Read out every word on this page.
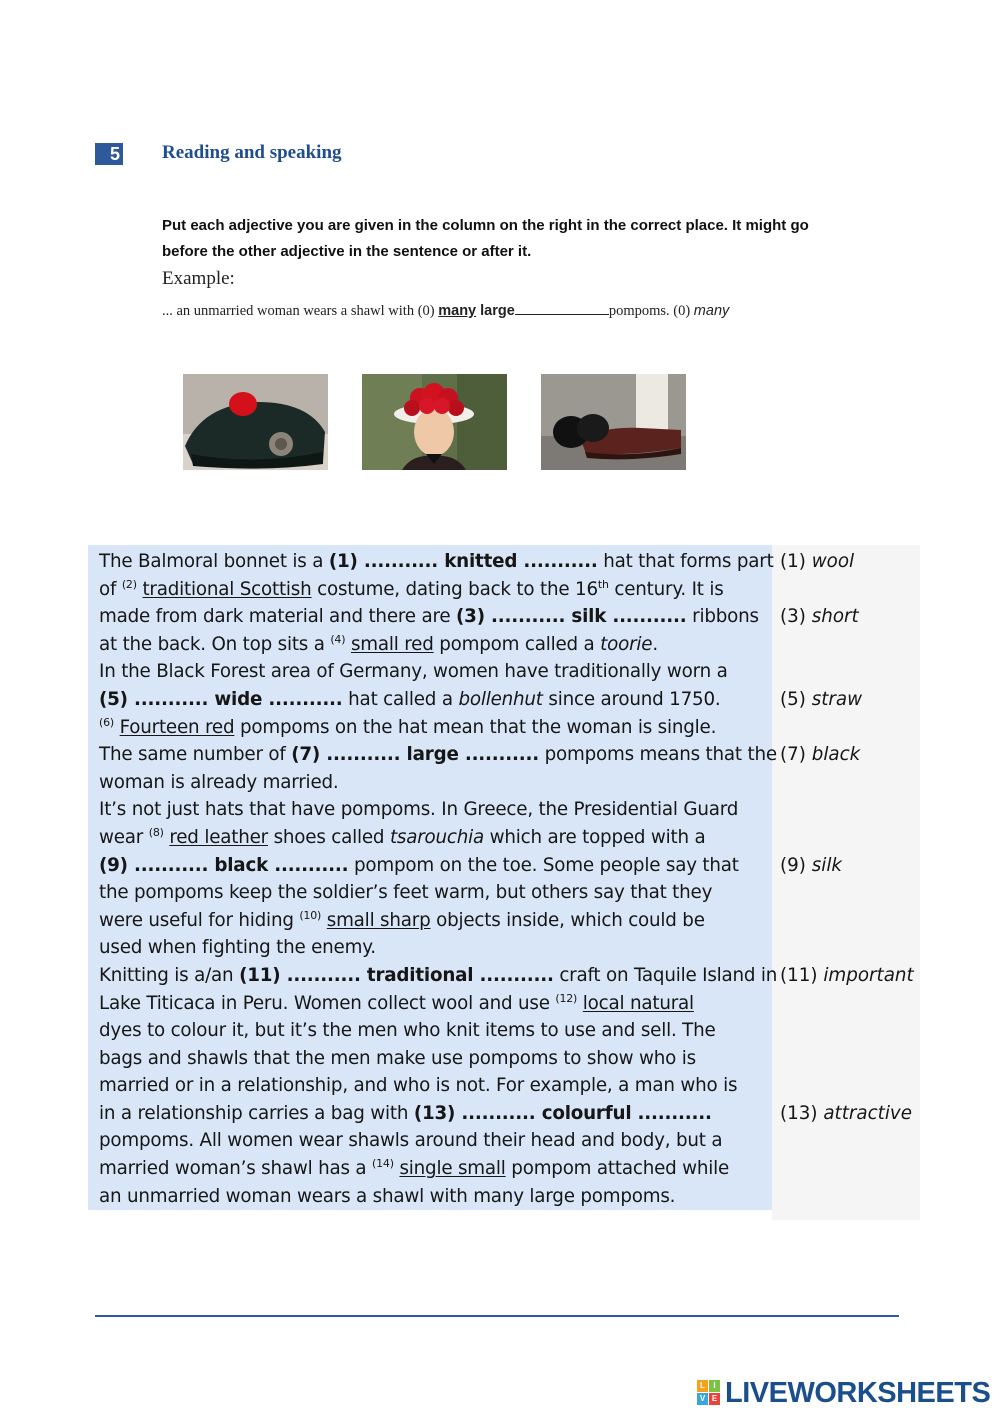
5 Reading and speaking
Put each adjective you are given in the column on the right in the correct place. It might go
before the other adjective in the sentence or after it.
Example:
... an unmarried woman wears a shawl with (0) many large	pompoms. (0) many
The Balmoral bonnet is a (1) ........... knitted ........... hat that forms part
of $^{(2)}$ traditional Scottish costume, dating back to the 16th century. It is
made from dark material and there are (3) ........... silk ........... ribbons
at the back. On top sits a $^{(4)}$ small red pompom called a toorie.
In the Black Forest area of Germany, women have traditionally worn a
(5) ........... wide ........... hat called a bollenhut since around 1750.
$^{(6)}$ Fourteen red pompoms on the hat mean that the woman is single.
The same number of (7) ........... large ........... pompoms means that the
woman is already married.
It’s not just hats that have pompoms. In Greece, the Presidential Guard
wear $^{(8)}$ red leather shoes called tsarouchia which are topped with a
(9) ........... black ........... pompom on the toe. Some people say that
the pompoms keep the soldier’s feet warm, but others say that they
were useful for hiding $^{(10)}$ small sharp objects inside, which could be
used when fighting the enemy.
Knitting is a/an (11) ........... traditional ........... craft on Taquile Island in
Lake Titicaca in Peru. Women collect wool and use $^{(12)}$ local natural
dyes to colour it, but it’s the men who knit items to use and sell. The
bags and shawls that the men make use pompoms to show who is
married or in a relationship, and who is not. For example, a man who is
in a relationship carries a bag with (13) ........... colourful ...........
pompoms. All women wear shawls around their head and body, but a
married woman’s shawl has a $^{(14)}$ single small pompom attached while
an unmarried woman wears a shawl with many large pompoms.
(1) wool
(3) short
(5) straw
(7) black
(9) silk
(11) important
(13) attractive
L	I
V E LIVEWORKSHEETS
